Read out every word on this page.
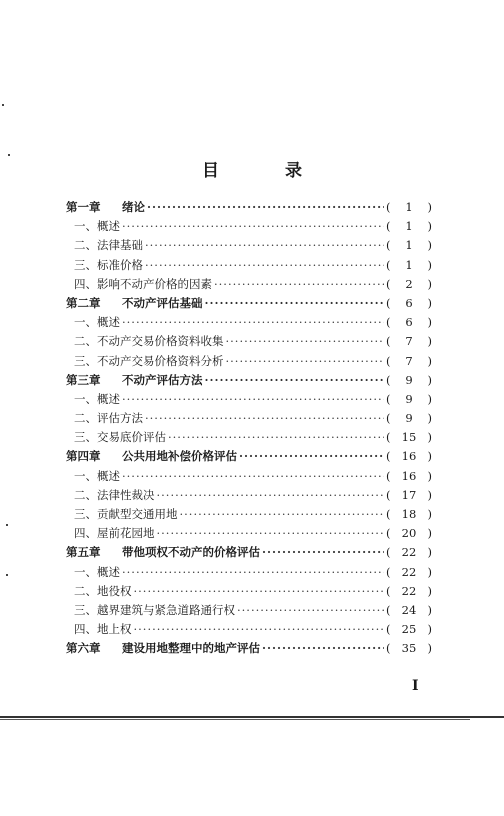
目 录
第一章	绪论 ·····	(	1	)
一、概述 ·····	(	1	)
二、法律基础 ·····	(	1	)
三、标准价格 ·····	(	1	)
四、影响不动产价格的因素 ·····	(	2	)
第二章	不动产评估基础 ·····	(	6	)
一、概述 ·····	(	6	)
二、不动产交易价格资料收集 ·····	(	7	)
三、不动产交易价格资料分析 ·····	(	7	)
第三章	不动产评估方法 ·····	(	9	)
一、概述 ·····	(	9	)
二、评估方法 ·····	(	9	)
三、交易底价评估 ·····	( 15 )
第四章	公共用地补偿价格评估 ·····	( 16 )
一、概述 ·····	( 16 )
二、法律性裁决 ·····	( 17 )
三、贡献型交通用地 ·····	( 18 )
四、屋前花园地 ·····	( 20 )
第五章	带他项权不动产的价格评估 ·····	( 22 )
一、概述 ·····	( 22 )
二、地役权 ·····	( 22 )
三、越界建筑与紧急道路通行权 ·····	( 24 )
四、地上权 ·····	( 25 )
第六章	建设用地整理中的地产评估 ·····	( 35 )
I
